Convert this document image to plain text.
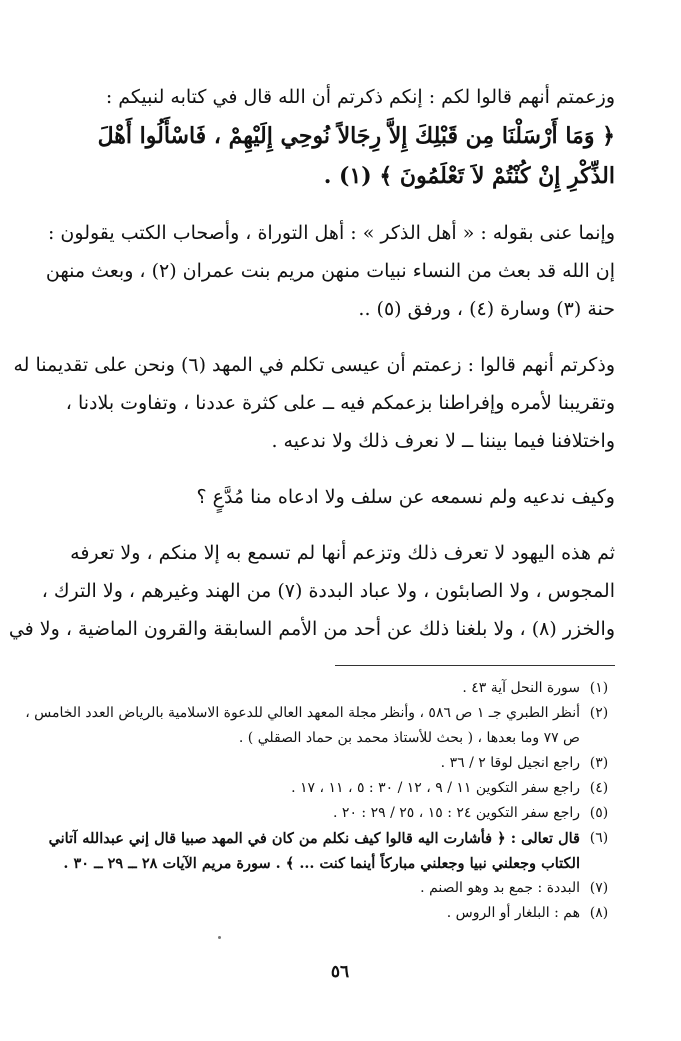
وزعمتم أنهم قالوا لكم : إنكم ذكرتم أن الله قال في كتابه لنبيكم :
﴿ وَمَا أَرْسَلْنَا مِن قَبْلِكَ إِلاَّ رِجَالاً نُوحِي إِلَيْهِمْ ، فَاسْأَلُوا أَهْلَ
الذِّكْرِ إِنْ كُنْتُمْ لاَ تَعْلَمُونَ ﴾ (١) .
وإنما عنى بقوله : « أهل الذكر » : أهل التوراة ، وأصحاب الكتب يقولون :
إن الله قد بعث من النساء نبيات منهن مريم بنت عمران (٢) ، وبعث منهن
حنة (٣) وسارة (٤) ، ورفق (٥) ..
وذكرتم أنهم قالوا : زعمتم أن عيسى تكلم في المهد (٦) ونحن على تقديمنا له
وتقريبنا لأمره وإفراطنا بزعمكم فيه ــ على كثرة عددنا ، وتفاوت بلادنا ،
واختلافنا فيما بيننا ــ لا نعرف ذلك ولا ندعيه .
وكيف ندعيه ولم نسمعه عن سلف ولا ادعاه منا مُدَّعٍ ؟
ثم هذه اليهود لا تعرف ذلك وتزعم أنها لم تسمع به إلا منكم ، ولا تعرفه
المجوس ، ولا الصابئون ، ولا عباد البددة (٧) من الهند وغيرهم ، ولا الترك ،
والخزر (٨) ، ولا بلغنا ذلك عن أحد من الأمم السابقة والقرون الماضية ، ولا في
(١)
سورة النحل آية ٤٣ .
(٢)
أنظر الطبري جـ ١ ص ٥٨٦ ، وأنظر مجلة المعهد العالي للدعوة الاسلامية بالرياض العدد الخامس ،
ص ٧٧ وما بعدها ، ( بحث للأستاذ محمد بن حماد الصقلي ) .
(٣)
راجع انجيل لوقا ٢ / ٣٦ .
(٤)
راجع سفر التكوين ١١ / ٩ ، ١٢ / ٣٠ : ٥ ، ١١ ، ١٧ .
(٥)
راجع سفر التكوين ٢٤ : ١٥ ، ٢٥ / ٢٩ : ٢٠ .
(٦)
قال تعالى : ﴿ فأشارت اليه قالوا كيف نكلم من كان في المهد صبيا قال إني عبدالله آتاني
الكتاب وجعلني نبيا وجعلني مباركاً أينما كنت ... ﴾ . سورة مريم الآيات ٢٨ ــ ٢٩ ــ ٣٠ .
(٧)
البددة : جمع بد وهو الصنم .
(٨)
هم : البلغار أو الروس .
٥٦
